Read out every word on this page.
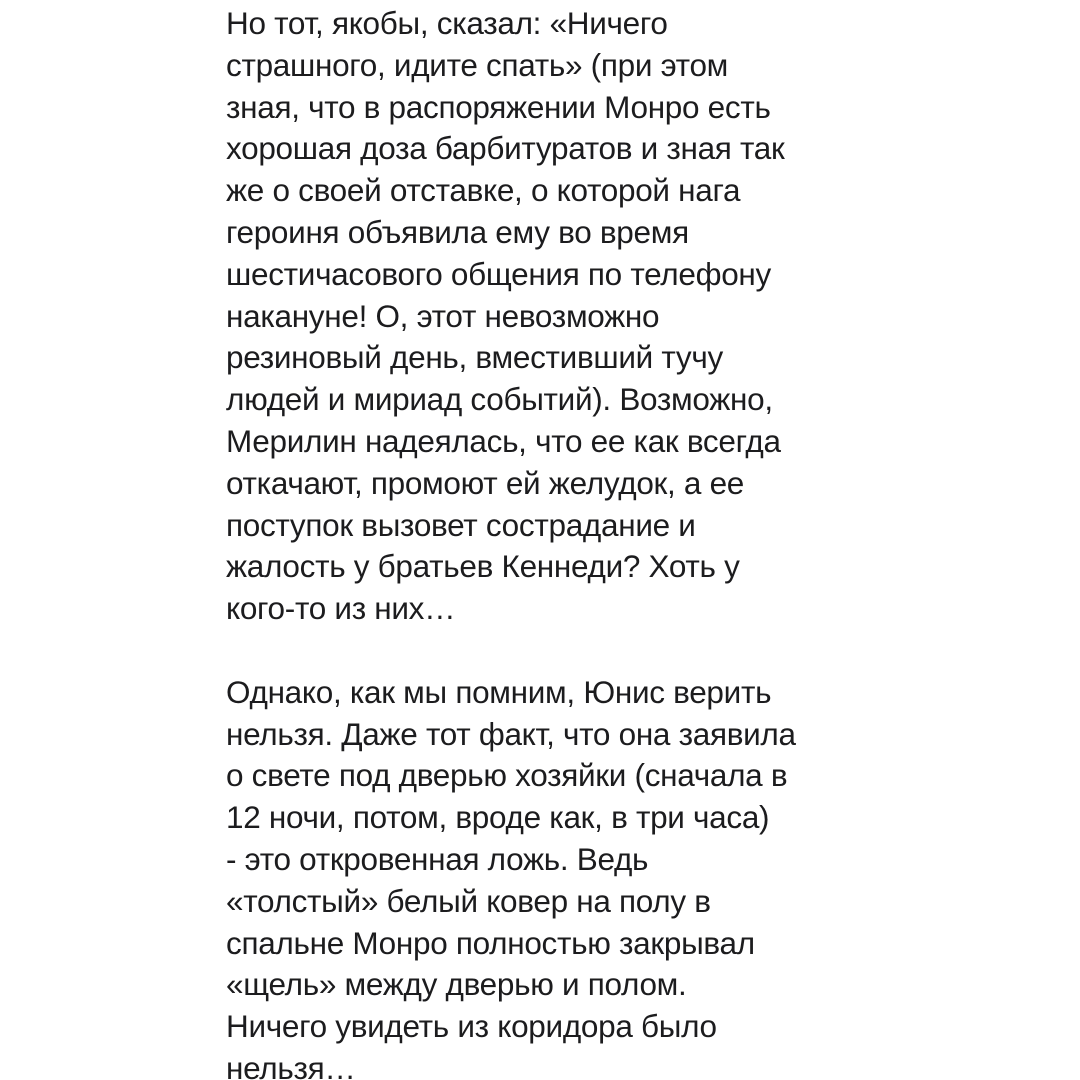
Но тот, якобы, сказал: «Ничего
страшного, идите спать» (при этом
зная, что в распоряжении Монро есть
хорошая доза барбитуратов и зная так
же о своей отставке, о которой нага
героиня объявила ему во время
шестичасового общения по телефону
накануне! О, этот невозможно
резиновый день, вместивший тучу
людей и мириад событий). Возможно,
Мерилин надеялась, что ее как всегда
откачают, промоют ей желудок, а ее
поступок вызовет сострадание и
жалость у братьев Кеннеди? Хоть у
кого-то из них…
Однако, как мы помним, Юнис верить
нельзя. Даже тот факт, что она заявила
о свете под дверью хозяйки (сначала в
12 ночи, потом, вроде как, в три часа)
- это откровенная ложь. Ведь
«толстый» белый ковер на полу в
спальне Монро полностью закрывал
«щель» между дверью и полом.
Ничего увидеть из коридора было
нельзя…
